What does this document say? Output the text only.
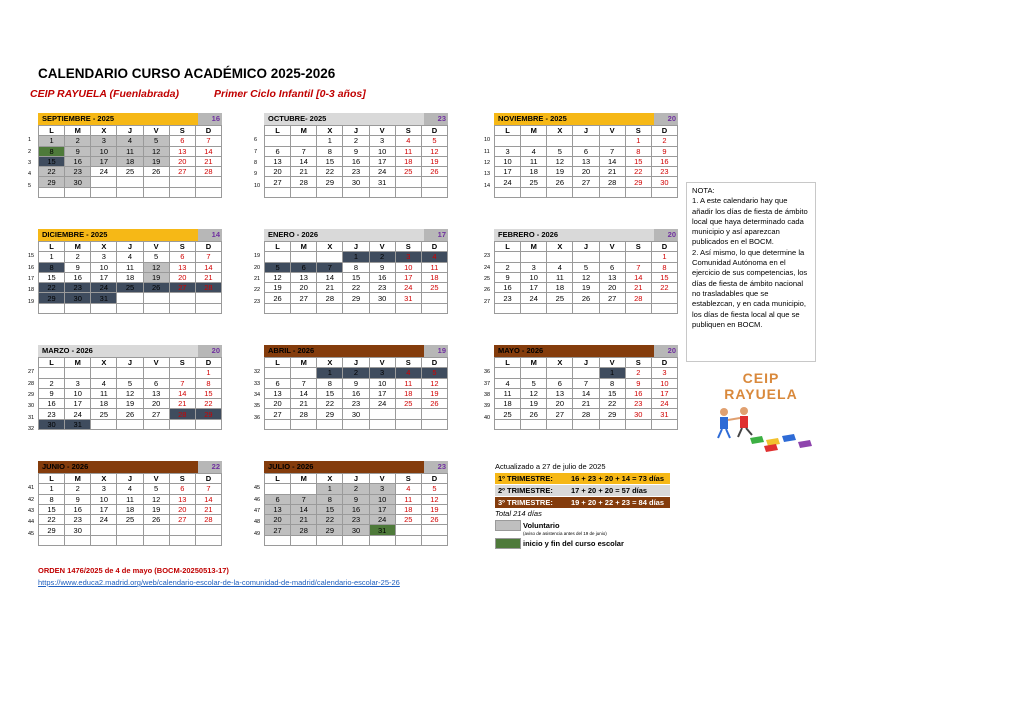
CALENDARIO CURSO ACADÉMICO 2025-2026
CEIP RAYUELA (Fuenlabrada)	Primer Ciclo Infantil [0-3 años]
SEPTIEMBRE - 2025	16
L	M	X	J	V	S	D
1	2	3	4	5	6	7
8	9	10	11	12	13	14
15	16	17	18	19	20	21
22	23	24	25	26	27	28
29	30					

1
2
3
4
5
OCTUBRE- 2025	23
L	M	X	J	V	S	D
		1	2	3	4	5
6	7	8	9	10	11	12
13	14	15	16	17	18	19
20	21	22	23	24	25	26
27	28	29	30	31		

6
7
8
9
10
NOVIEMBRE - 2025	20
L	M	X	J	V	S	D
					1	2
3	4	5	6	7	8	9
10	11	12	13	14	15	16
17	18	19	20	21	22	23
24	25	26	27	28	29	30

10
11
12
13
14
DICIEMBRE - 2025	14
L	M	X	J	V	S	D
1	2	3	4	5	6	7
8	9	10	11	12	13	14
15	16	17	18	19	20	21
22	23	24	25	26	27	28
29	30	31				

15
16
17
18
19
ENERO - 2026	17
L	M	X	J	V	S	D
			1	2	3	4
5	6	7	8	9	10	11
12	13	14	15	16	17	18
19	20	21	22	23	24	25
26	27	28	29	30	31	

19
20
21
22
23
FEBRERO - 2026	20
L	M	X	J	V	S	D
						1
2	3	4	5	6	7	8
9	10	11	12	13	14	15
16	17	18	19	20	21	22
23	24	25	26	27	28	

23
24
25
26
27
MARZO - 2026	20
L	M	X	J	V	S	D
						1
2	3	4	5	6	7	8
9	10	11	12	13	14	15
16	17	18	19	20	21	22
23	24	25	26	27	28	29
30	31					
27
28
29
30
31
32
ABRIL - 2026	19
L	M	X	J	V	S	D
		1	2	3	4	5
6	7	8	9	10	11	12
13	14	15	16	17	18	19
20	21	22	23	24	25	26
27	28	29	30			

32
33
34
35
36
MAYO - 2026	20
L	M	X	J	V	S	D
				1	2	3
4	5	6	7	8	9	10
11	12	13	14	15	16	17
18	19	20	21	22	23	24
25	26	27	28	29	30	31

36
37
38
39
40
JUNIO - 2026	22
L	M	X	J	V	S	D
1	2	3	4	5	6	7
8	9	10	11	12	13	14
15	16	17	18	19	20	21
22	23	24	25	26	27	28
29	30					

41
42
43
44
45
JULIO - 2026	23
L	M	X	J	V	S	D
		1	2	3	4	5
6	7	8	9	10	11	12
13	14	15	16	17	18	19
20	21	22	23	24	25	26
27	28	29	30	31		

45
46
47
48
49
NOTA:
1. A este calendario hay que añadir los días de fiesta de ámbito local que haya determinado cada municipio y así aparezcan publicados en el BOCM.
2. Así mismo, lo que determine la Comunidad Autónoma en el ejercicio de sus competencias, los días de fiesta de ámbito nacional no trasladables que se establezcan, y en cada municipio, los días de fiesta local al que se publiquen en BOCM.
CEIP RAYUELA
Actualizado a 27 de julio de 2025
1º TRIMESTRE:	16 + 23 + 20 + 14 = 73 días
2º TRIMESTRE:	17 + 20 + 20 = 57 días
3º TRIMESTRE:	19 + 20 + 22 + 23 = 84 días
Total 214 días
Voluntario
(aviso de asistencia antes del 19 de junio)
inicio y fin del curso escolar
ORDEN 1476/2025 de 4 de mayo (BOCM-20250513-17)
https://www.educa2.madrid.org/web/calendario-escolar-de-la-comunidad-de-madrid/calendario-escolar-25-26
